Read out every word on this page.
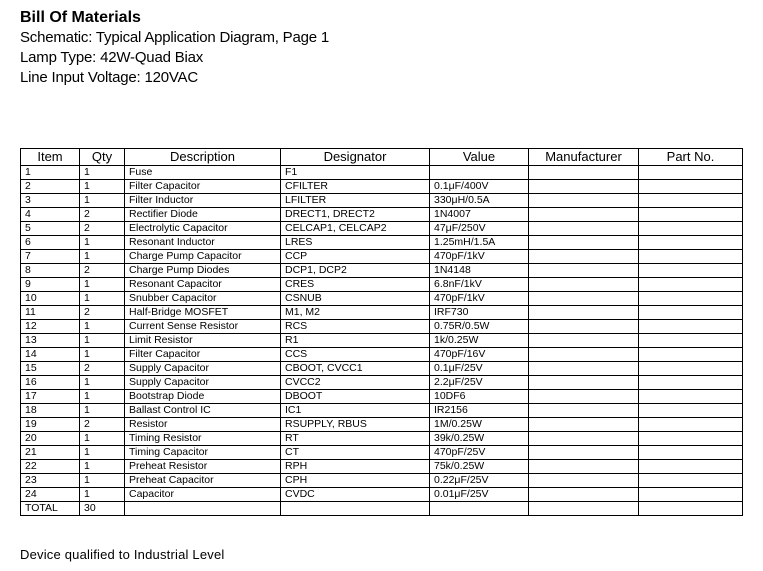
Bill Of Materials
Schematic: Typical Application Diagram, Page 1
Lamp Type: 42W-Quad Biax
Line Input Voltage: 120VAC
Item	Qty	Description	Designator	Value	Manufacturer	Part No.
1	1	Fuse	F1			
2	1	Filter Capacitor	CFILTER	0.1μF/400V		
3	1	Filter Inductor	LFILTER	330μH/0.5A		
4	2	Rectifier Diode	DRECT1, DRECT2	1N4007		
5	2	Electrolytic Capacitor	CELCAP1, CELCAP2	47μF/250V		
6	1	Resonant Inductor	LRES	1.25mH/1.5A		
7	1	Charge Pump Capacitor	CCP	470pF/1kV		
8	2	Charge Pump Diodes	DCP1, DCP2	1N4148		
9	1	Resonant Capacitor	CRES	6.8nF/1kV		
10	1	Snubber Capacitor	CSNUB	470pF/1kV		
11	2	Half-Bridge MOSFET	M1, M2	IRF730		
12	1	Current Sense Resistor	RCS	0.75R/0.5W		
13	1	Limit Resistor	R1	1k/0.25W		
14	1	Filter Capacitor	CCS	470pF/16V		
15	2	Supply Capacitor	CBOOT, CVCC1	0.1μF/25V		
16	1	Supply Capacitor	CVCC2	2.2μF/25V		
17	1	Bootstrap Diode	DBOOT	10DF6		
18	1	Ballast Control IC	IC1	IR2156		
19	2	Resistor	RSUPPLY, RBUS	1M/0.25W		
20	1	Timing Resistor	RT	39k/0.25W		
21	1	Timing Capacitor	CT	470pF/25V		
22	1	Preheat Resistor	RPH	75k/0.25W		
23	1	Preheat Capacitor	CPH	0.22μF/25V		
24	1	Capacitor	CVDC	0.01μF/25V		
TOTAL	30					
Device qualified to Industrial Level
